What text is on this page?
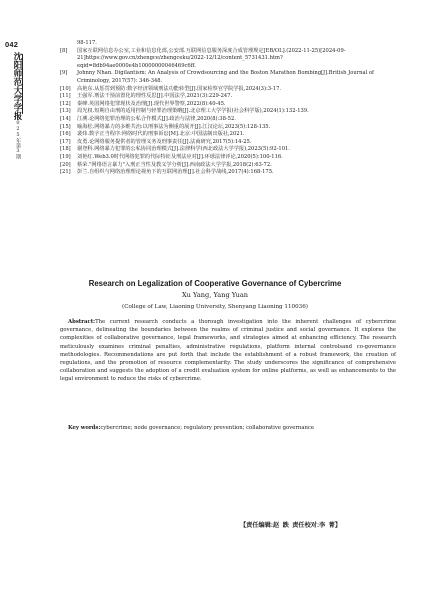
042
沈阳师范大学学报
2025年第3期

98-117.

[8] 国家互联网信息办公室,工业和信息化部,公安部.互联网信息服务深度合成管理规定[EB/OL].(2022-11-25)[2024-09-21]https://www.gov.cn/zhengce/zhengceku/2022-12/12/content_5731431.htm?eqid=8db94ae0000e4b10000000046469c6ff.

[9] Johnny Nhan. Digilantism: An Analysis of Crowdsourcing and the Boston Marathon Bombing[J].British Journal of Criminology, 2017(57): 346-348.

[10] 高艳东.从惩罚到预防:数字经济领域刑法功能转型[J].国家检察官学院学报,2024(3):3-17.

[11] 王强军.刑法干预前置化的理性反思[J].中国法学,2021(3):229-247.

[12] 秦峰.英国网络犯罪现状及治理[J].现代世界警察,2022(8):40-45.

[13] 周光权.短期自由刑的适用控制与轻罪治理策略[J].北京理工大学学报(社会科学版),2024(1):132-139.

[14] 江溯.论网络犯罪治理的公私合作模式[J].政治与法律,2020(8):38-52.

[15] 喻海松.网络暴力的多维共治:以刑事法为侧重的展开[J].江汉论坛,2023(5):128-135.

[16] 裴炜.数字正当程序:网络时代的刑事诉讼[M].北京:中国法制出版社,2021.

[17] 皮勇.论网络服务提供者的管理义务及刑事责任[J].法商研究,2017(5):14-25.

[18] 谢登科.网络暴力犯罪的公私协同治理模式[J].法律科学(西北政法大学学报),2023(5):92-101.

[19] 刘艳红.Web3.0时代网络犯罪的代际特征及刑法应对[J].环球法律评论,2020(5):100-116.

[20] 蔡荣."网络语言暴力"入刑正当性及教义学分析[J].西南政法大学学报,2018(2):63-72.

[21] 彭兰.自组织与网络治理理论视角下的互联网治理[J].社会科学战线,2017(4):168-175.

Research on Legalization of Cooperative Governance of Cybercrime
Xu Yang, Yang Yuan
(College of Law, Liaoning University, Shenyang Liaoning 110036)

Abstract:The current research conducts a thorough investigation into the inherent challenges of cybercrime governance, delineating the boundaries between the realms of criminal justice and social governance. It explores the complexities of collaborative governance, legal frameworks, and strategies aimed at enhancing efficiency. The research meticulously examines criminal penalties, administrative regulations, platform internal controlsand co-governance methodologies. Recommendations are put forth that include the establishment of a robust framework, the creation of regulations, and the promotion of resource complementarity. The study underscores the significance of comprehensive collaboration and suggests the adoption of a credit evaluation system for online platforms, as well as enhancements to the legal environment to reduce the risks of cybercrime.

Key words:cybercrime; node governance; regulatory prevention; collaborative governance

【责任编辑:赵  跌  责任校对:李  菁】
